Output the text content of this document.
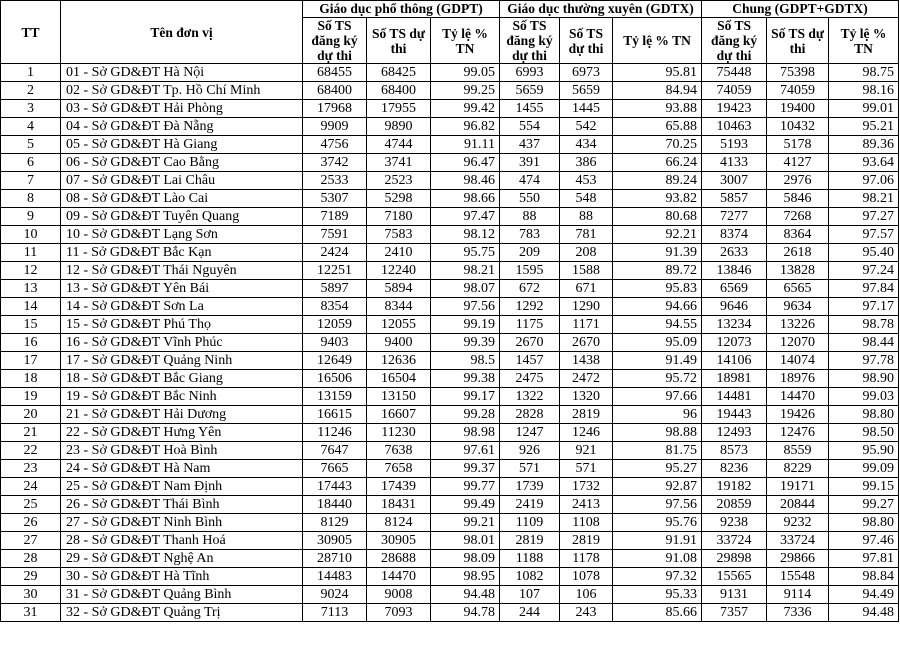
TT	Tên đơn vị	Giáo dục phổ thông (GDPT)			Giáo dục thường xuyên (GDTX)			Chung (GDPT+GDTX)		
		Số TS đăng ký dự thi	Số TS dự thi	Tỷ lệ % TN	Số TS đăng ký dự thi	Số TS dự thi	Tỷ lệ % TN	Số TS đăng ký dự thi	Số TS dự thi	Tỷ lệ % TN
1	01 - Sở GD&ĐT Hà Nội	68455	68425	99.05	6993	6973	95.81	75448	75398	98.75
2	02 - Sở GD&ĐT Tp. Hồ Chí Minh	68400	68400	99.25	5659	5659	84.94	74059	74059	98.16
3	03 - Sở GD&ĐT Hải Phòng	17968	17955	99.42	1455	1445	93.88	19423	19400	99.01
4	04 - Sở GD&ĐT Đà Nẵng	9909	9890	96.82	554	542	65.88	10463	10432	95.21
5	05 - Sở GD&ĐT Hà Giang	4756	4744	91.11	437	434	70.25	5193	5178	89.36
6	06 - Sở GD&ĐT Cao Bằng	3742	3741	96.47	391	386	66.24	4133	4127	93.64
7	07 - Sở GD&ĐT Lai Châu	2533	2523	98.46	474	453	89.24	3007	2976	97.06
8	08 - Sở GD&ĐT Lào Cai	5307	5298	98.66	550	548	93.82	5857	5846	98.21
9	09 - Sở GD&ĐT Tuyên Quang	7189	7180	97.47	88	88	80.68	7277	7268	97.27
10	10 - Sở GD&ĐT Lạng Sơn	7591	7583	98.12	783	781	92.21	8374	8364	97.57
11	11 - Sở GD&ĐT Bắc Kạn	2424	2410	95.75	209	208	91.39	2633	2618	95.40
12	12 - Sở GD&ĐT Thái Nguyên	12251	12240	98.21	1595	1588	89.72	13846	13828	97.24
13	13 - Sở GD&ĐT Yên Bái	5897	5894	98.07	672	671	95.83	6569	6565	97.84
14	14 - Sở GD&ĐT Sơn La	8354	8344	97.56	1292	1290	94.66	9646	9634	97.17
15	15 - Sở GD&ĐT Phú Thọ	12059	12055	99.19	1175	1171	94.55	13234	13226	98.78
16	16 - Sở GD&ĐT Vĩnh Phúc	9403	9400	99.39	2670	2670	95.09	12073	12070	98.44
17	17 - Sở GD&ĐT Quảng Ninh	12649	12636	98.5	1457	1438	91.49	14106	14074	97.78
18	18 - Sở GD&ĐT Bắc Giang	16506	16504	99.38	2475	2472	95.72	18981	18976	98.90
19	19 - Sở GD&ĐT Bắc Ninh	13159	13150	99.17	1322	1320	97.66	14481	14470	99.03
20	21 - Sở GD&ĐT Hải Dương	16615	16607	99.28	2828	2819	96	19443	19426	98.80
21	22 - Sở GD&ĐT Hưng Yên	11246	11230	98.98	1247	1246	98.88	12493	12476	98.50
22	23 - Sở GD&ĐT Hoà Bình	7647	7638	97.61	926	921	81.75	8573	8559	95.90
23	24 - Sở GD&ĐT Hà Nam	7665	7658	99.37	571	571	95.27	8236	8229	99.09
24	25 - Sở GD&ĐT Nam Định	17443	17439	99.77	1739	1732	92.87	19182	19171	99.15
25	26 - Sở GD&ĐT Thái Bình	18440	18431	99.49	2419	2413	97.56	20859	20844	99.27
26	27 - Sở GD&ĐT Ninh Bình	8129	8124	99.21	1109	1108	95.76	9238	9232	98.80
27	28 - Sở GD&ĐT Thanh Hoá	30905	30905	98.01	2819	2819	91.91	33724	33724	97.46
28	29 - Sở GD&ĐT Nghệ An	28710	28688	98.09	1188	1178	91.08	29898	29866	97.81
29	30 - Sở GD&ĐT Hà Tĩnh	14483	14470	98.95	1082	1078	97.32	15565	15548	98.84
30	31 - Sở GD&ĐT Quảng Bình	9024	9008	94.48	107	106	95.33	9131	9114	94.49
31	32 - Sở GD&ĐT Quảng Trị	7113	7093	94.78	244	243	85.66	7357	7336	94.48
